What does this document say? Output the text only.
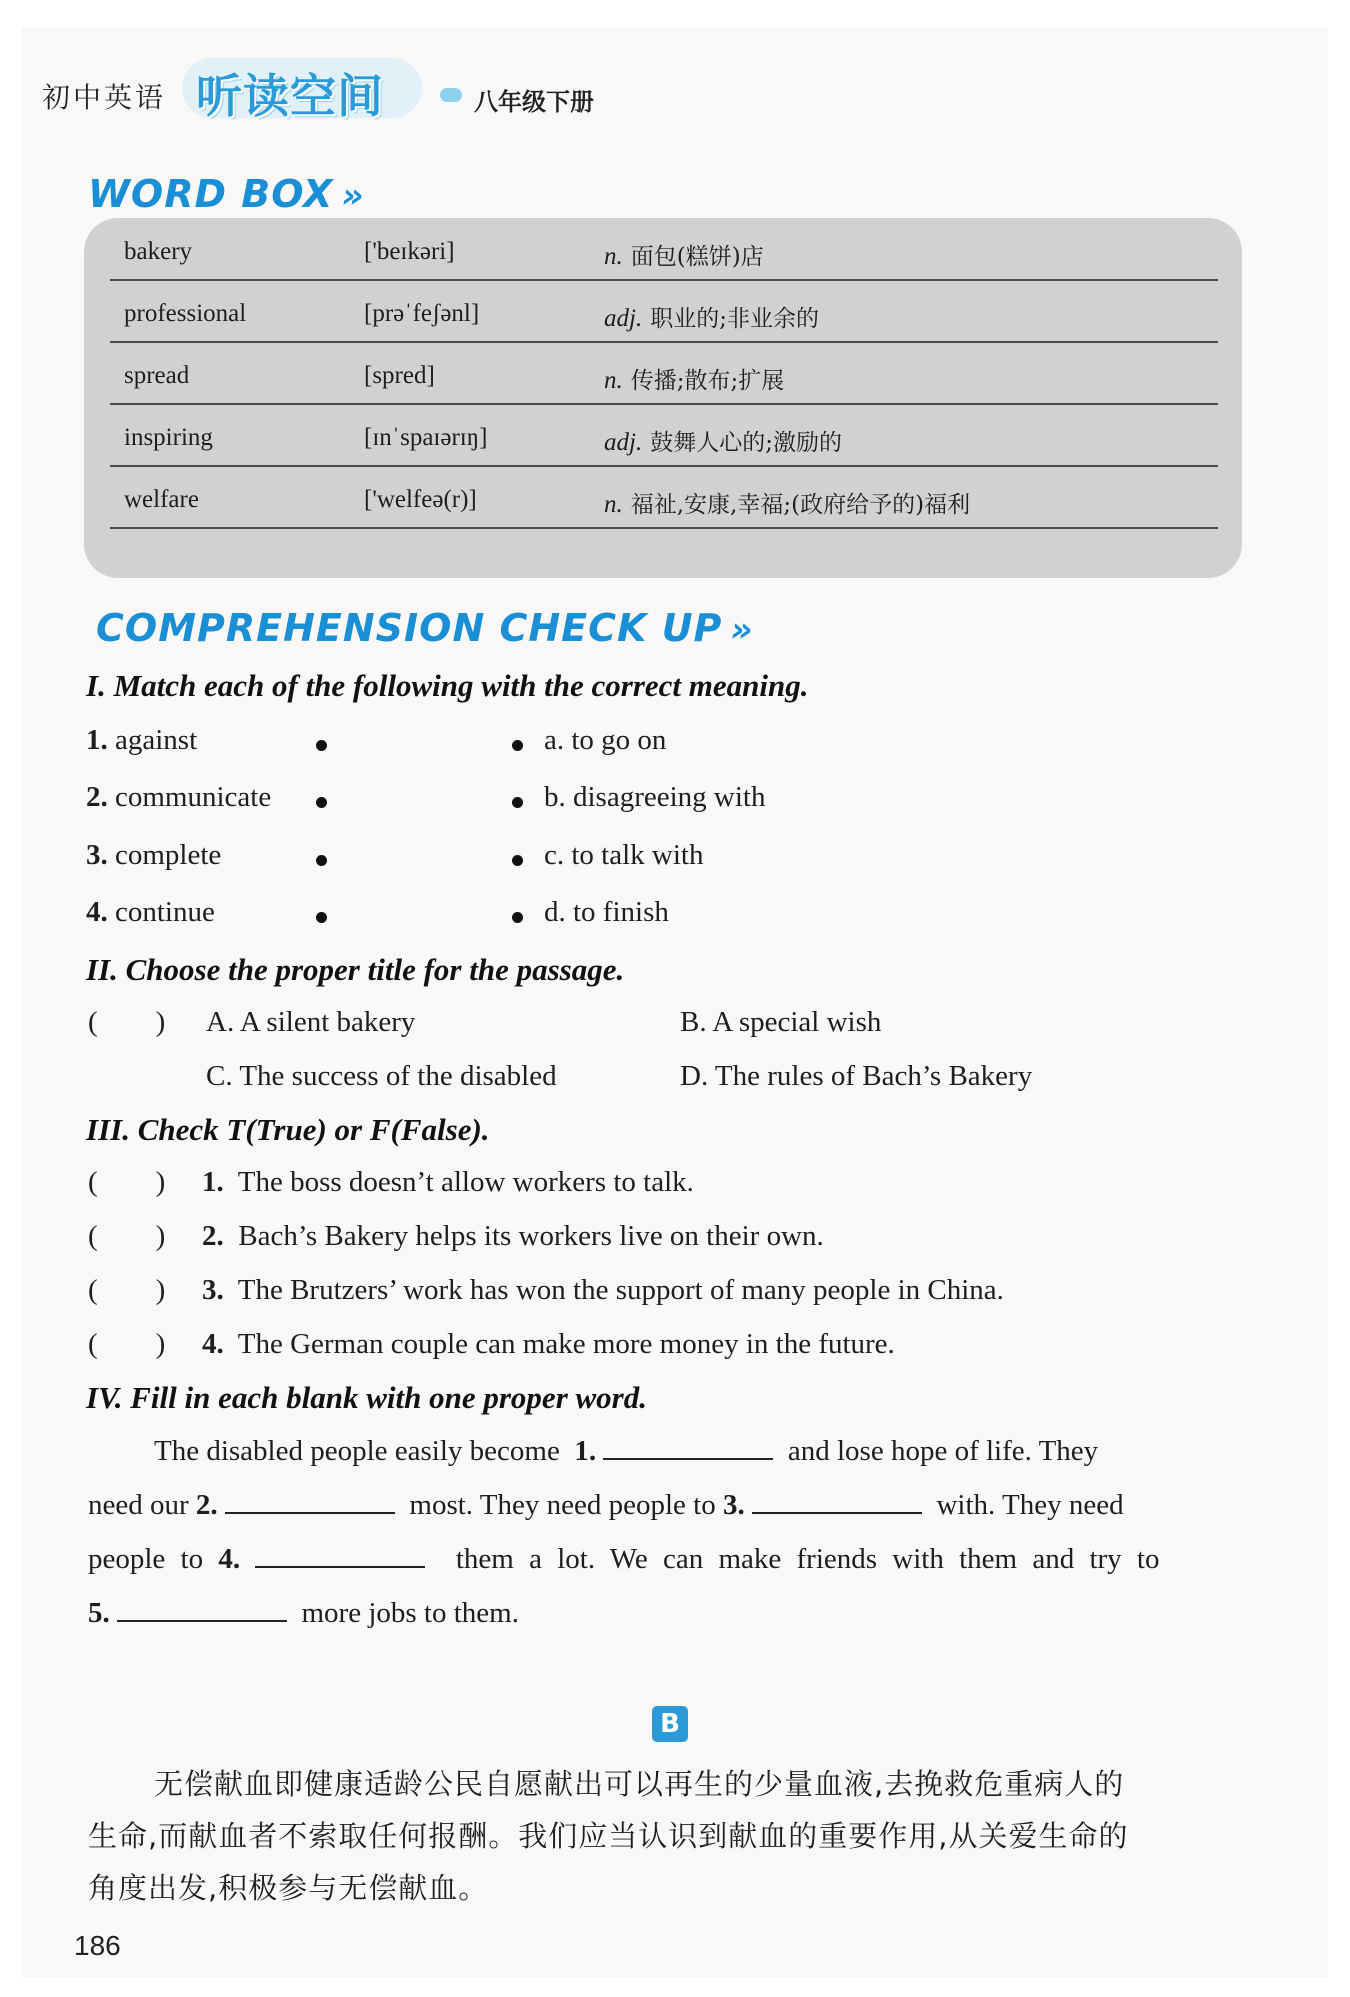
初中英语 听读空间	八年级下册
WORD BOX »
bakery	['beɪkəri]	n. 面包(糕饼)店
professional	[prəˈfeʃənl]	adj. 职业的;非业余的
spread	[spred]	n. 传播;散布;扩展
inspiring	[ɪnˈspaɪərɪŋ]	adj. 鼓舞人心的;激励的
welfare	['welfeə(r)]	n. 福祉,安康,幸福;(政府给予的)福利
COMPREHENSION CHECK UP »
I. Match each of the following with the correct meaning.
1. against
2. communicate
3. complete
4. continue
a. to go on
b. disagreeing with
c. to talk with
d. to finish
II. Choose the proper title for the passage.
(        ) A. A silent bakery	B. A special wish
C. The success of the disabled	D. The rules of Bach’s Bakery
III. Check T(True) or F(False).
(        ) 1. The boss doesn’t allow workers to talk.
(        ) 2. Bach’s Bakery helps its workers live on their own.
(        ) 3. The Brutzers’ work has won the support of many people in China.
(        ) 4. The German couple can make more money in the future.
IV. Fill in each blank with one proper word.
The disabled people easily become 1.	and lose hope of life. They
need our 2.	most. They need people to 3.	with. They need
people to 4.	them a lot. We can make friends with them and try to
5.	more jobs to them.
B
无偿献血即健康适龄公民自愿献出可以再生的少量血液,去挽救危重病人的
生命,而献血者不索取任何报酬。我们应当认识到献血的重要作用,从关爱生命的
角度出发,积极参与无偿献血。
186
